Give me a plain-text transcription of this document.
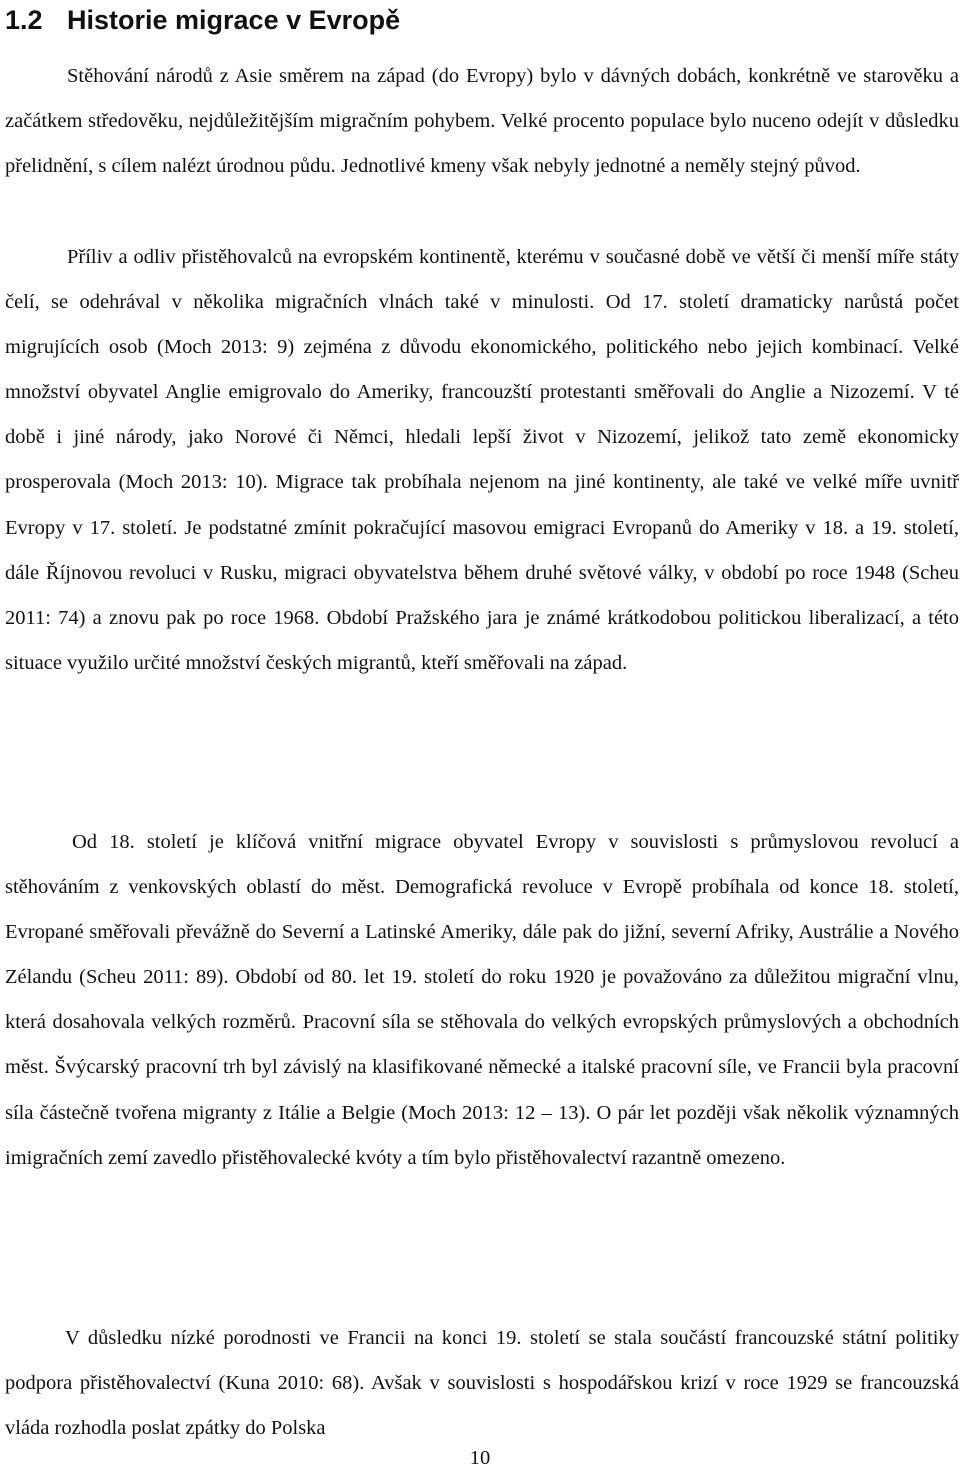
1.2 Historie migrace v Evropě

Stěhování národů z Asie směrem na západ (do Evropy) bylo v dávných dobách, konkrétně ve starověku a začátkem středověku, nejdůležitějším migračním pohybem. Velké procento populace bylo nuceno odejít v důsledku přelidnění, s cílem nalézt úrodnou půdu. Jednotlivé kmeny však nebyly jednotné a neměly stejný původ.

Příliv a odliv přistěhovalců na evropském kontinentě, kterému v současné době ve větší či menší míře státy čelí, se odehrával v několika migračních vlnách také v minulosti. Od 17. století dramaticky narůstá počet migrujících osob (Moch 2013: 9) zejména z důvodu ekonomického, politického nebo jejich kombinací. Velké množství obyvatel Anglie emigrovalo do Ameriky, francouzští protestanti směřovali do Anglie a Nizozemí. V té době i jiné národy, jako Norové či Němci, hledali lepší život v Nizozemí, jelikož tato země ekonomicky prosperovala (Moch 2013: 10). Migrace tak probíhala nejenom na jiné kontinenty, ale také ve velké míře uvnitř Evropy v 17. století. Je podstatné zmínit pokračující masovou emigraci Evropanů do Ameriky v 18. a 19. století, dále Říjnovou revoluci v Rusku, migraci obyvatelstva během druhé světové války, v období po roce 1948 (Scheu 2011: 74) a znovu pak po roce 1968. Období Pražského jara je známé krátkodobou politickou liberalizací, a této situace využilo určité množství českých migrantů, kteří směřovali na západ.

Od 18. století je klíčová vnitřní migrace obyvatel Evropy v souvislosti s průmyslovou revolucí a stěhováním z venkovských oblastí do měst. Demografická revoluce v Evropě probíhala od konce 18. století, Evropané směřovali převážně do Severní a Latinské Ameriky, dále pak do jižní, severní Afriky, Austrálie a Nového Zélandu (Scheu 2011: 89). Období od 80. let 19. století do roku 1920 je považováno za důležitou migrační vlnu, která dosahovala velkých rozměrů. Pracovní síla se stěhovala do velkých evropských průmyslových a obchodních měst. Švýcarský pracovní trh byl závislý na klasifikované německé a italské pracovní síle, ve Francii byla pracovní síla částečně tvořena migranty z Itálie a Belgie (Moch 2013: 12 – 13). O pár let později však několik významných imigračních zemí zavedlo přistěhovalecké kvóty a tím bylo přistěhovalectví razantně omezeno.

V důsledku nízké porodnosti ve Francii na konci 19. století se stala součástí francouzské státní politiky podpora přistěhovalectví (Kuna 2010: 68). Avšak v souvislosti s hospodářskou krizí v roce 1929 se francouzská vláda rozhodla poslat zpátky do Polska

10
